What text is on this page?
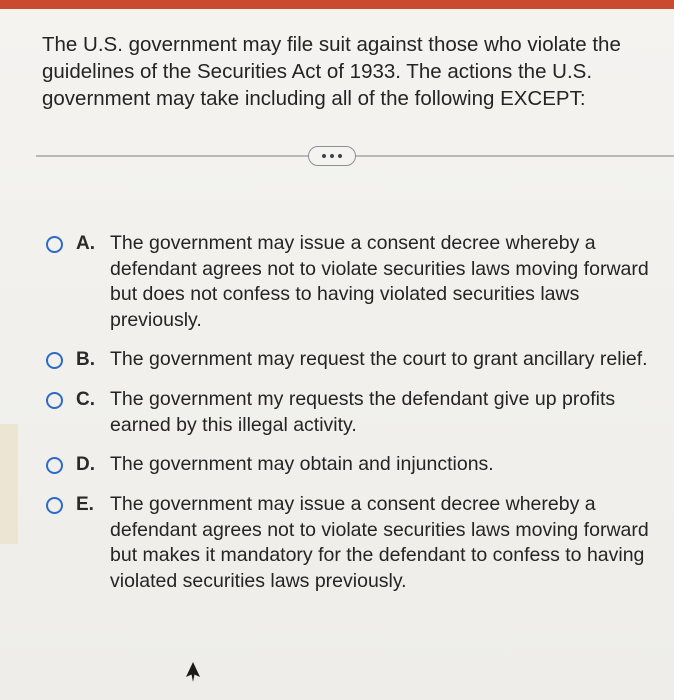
The U.S. government may file suit against those who violate the guidelines of the Securities Act of 1933. The actions the U.S. government may take including all of the following EXCEPT:
A. The government may issue a consent decree whereby a defendant agrees not to violate securities laws moving forward but does not confess to having violated securities laws previously.
B. The government may request the court to grant ancillary relief.
C. The government my requests the defendant give up profits earned by this illegal activity.
D. The government may obtain and injunctions.
E. The government may issue a consent decree whereby a defendant agrees not to violate securities laws moving forward but makes it mandatory for the defendant to confess to having violated securities laws previously.
